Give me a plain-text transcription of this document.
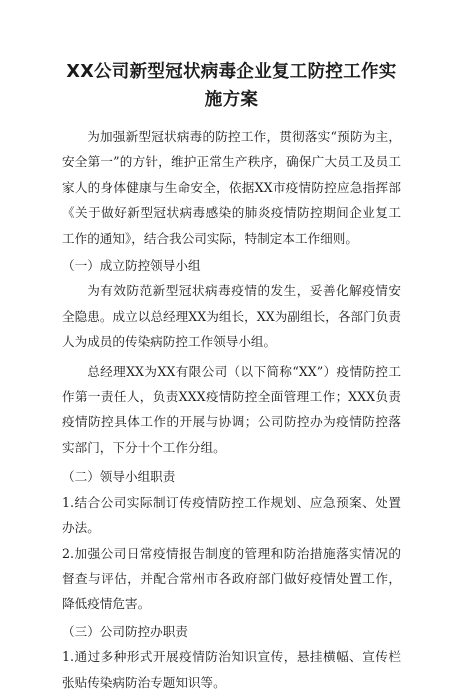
XX公司新型冠状病毒企业复工防控工作实施方案

为加强新型冠状病毒的防控工作，贯彻落实“预防为主，安全第一”的方针，维护正常生产秩序，确保广大员工及员工家人的身体健康与生命安全，依据XX市疫情防控应急指挥部《关于做好新型冠状病毒感染的肺炎疫情防控期间企业复工工作的通知》，结合我公司实际，特制定本工作细则。

（一）成立防控领导小组

为有效防范新型冠状病毒疫情的发生，妥善化解疫情安全隐患。成立以总经理XX为组长，XX为副组长，各部门负责人为成员的传染病防控工作领导小组。

总经理XX为XX有限公司（以下简称“XX”）疫情防控工作第一责任人，负责XXX疫情防控全面管理工作；XXX负责疫情防控具体工作的开展与协调；公司防控办为疫情防控落实部门，下分十个工作分组。

（二）领导小组职责

1.结合公司实际制订传疫情防控工作规划、应急预案、处置办法。

2.加强公司日常疫情报告制度的管理和防治措施落实情况的督查与评估，并配合常州市各政府部门做好疫情处置工作，降低疫情危害。

（三）公司防控办职责

1.通过多种形式开展疫情防治知识宣传，悬挂横幅、宣传栏张贴传染病防治专题知识等。
